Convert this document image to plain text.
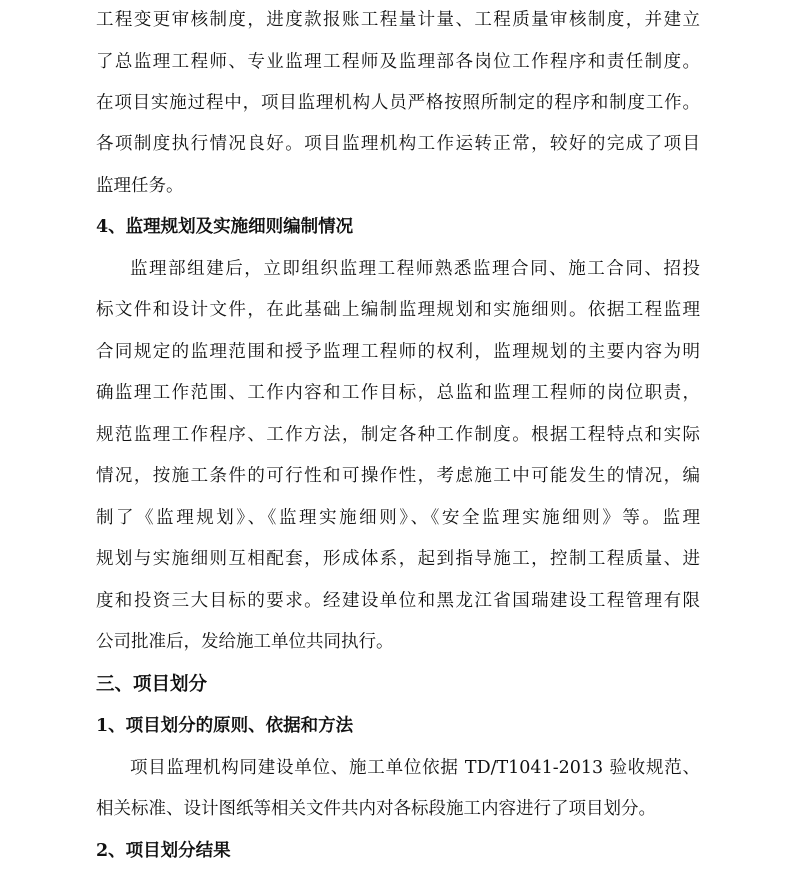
工程变更审核制度，进度款报账工程量计量、工程质量审核制度，并建立
了总监理工程师、专业监理工程师及监理部各岗位工作程序和责任制度。
在项目实施过程中，项目监理机构人员严格按照所制定的程序和制度工作。
各项制度执行情况良好。项目监理机构工作运转正常，较好的完成了项目
监理任务。
4、监理规划及实施细则编制情况
监理部组建后，立即组织监理工程师熟悉监理合同、施工合同、招投
标文件和设计文件，在此基础上编制监理规划和实施细则。依据工程监理
合同规定的监理范围和授予监理工程师的权利，监理规划的主要内容为明
确监理工作范围、工作内容和工作目标，总监和监理工程师的岗位职责，
规范监理工作程序、工作方法，制定各种工作制度。根据工程特点和实际
情况，按施工条件的可行性和可操作性，考虑施工中可能发生的情况，编
制了《监理规划》、《监理实施细则》、《安全监理实施细则》等。监理
规划与实施细则互相配套，形成体系，起到指导施工，控制工程质量、进
度和投资三大目标的要求。经建设单位和黑龙江省国瑞建设工程管理有限
公司批准后，发给施工单位共同执行。
三、项目划分
1、项目划分的原则、依据和方法
项目监理机构同建设单位、施工单位依据 TD/T1041-2013 验收规范、
相关标准、设计图纸等相关文件共内对各标段施工内容进行了项目划分。
2、项目划分结果
